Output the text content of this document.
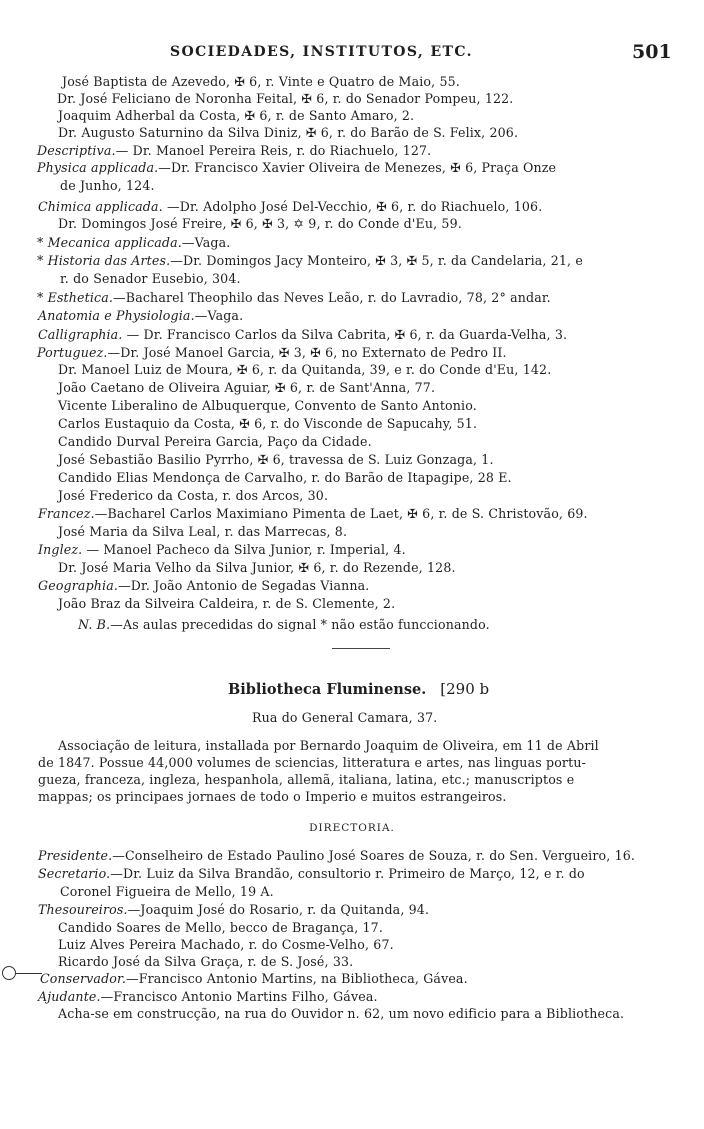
SOCIEDADES, INSTITUTOS, ETC.	501
José Baptista de Azevedo, ✠ 6, r. Vinte e Quatro de Maio, 55.
Dr. José Feliciano de Noronha Feital, ✠ 6, r. do Senador Pompeu, 122.
Joaquim Adherbal da Costa, ✠ 6, r. de Santo Amaro, 2.
Dr. Augusto Saturnino da Silva Diniz, ✠ 6, r. do Barão de S. Felix, 206.
Descriptiva.— Dr. Manoel Pereira Reis, r. do Riachuelo, 127.
Physica applicada.—Dr. Francisco Xavier Oliveira de Menezes, ✠ 6, Praça Onze
de Junho, 124.
Chimica applicada. —Dr. Adolpho José Del-Vecchio, ✠ 6, r. do Riachuelo, 106.
Dr. Domingos José Freire, ✠ 6, ✠ 3, ✡ 9, r. do Conde d'Eu, 59.
* Mecanica applicada.—Vaga.
* Historia das Artes.—Dr. Domingos Jacy Monteiro, ✠ 3, ✠ 5, r. da Candelaria, 21, e
r. do Senador Eusebio, 304.
* Esthetica.—Bacharel Theophilo das Neves Leão, r. do Lavradio, 78, 2° andar.
Anatomia e Physiologia.—Vaga.
Calligraphia. — Dr. Francisco Carlos da Silva Cabrita, ✠ 6, r. da Guarda-Velha, 3.
Portuguez.—Dr. José Manoel Garcia, ✠ 3, ✠ 6, no Externato de Pedro II.
Dr. Manoel Luiz de Moura, ✠ 6, r. da Quitanda, 39, e r. do Conde d'Eu, 142.
João Caetano de Oliveira Aguiar, ✠ 6, r. de Sant'Anna, 77.
Vicente Liberalino de Albuquerque, Convento de Santo Antonio.
Carlos Eustaquio da Costa, ✠ 6, r. do Visconde de Sapucahy, 51.
Candido Durval Pereira Garcia, Paço da Cidade.
José Sebastião Basilio Pyrrho, ✠ 6, travessa de S. Luiz Gonzaga, 1.
Candido Elias Mendonça de Carvalho, r. do Barão de Itapagipe, 28 E.
José Frederico da Costa, r. dos Arcos, 30.
Francez.—Bacharel Carlos Maximiano Pimenta de Laet, ✠ 6, r. de S. Christovão, 69.
José Maria da Silva Leal, r. das Marrecas, 8.
Inglez. — Manoel Pacheco da Silva Junior, r. Imperial, 4.
Dr. José Maria Velho da Silva Junior, ✠ 6, r. do Rezende, 128.
Geographia.—Dr. João Antonio de Segadas Vianna.
João Braz da Silveira Caldeira, r. de S. Clemente, 2.
N. B.—As aulas precedidas do signal * não estão funccionando.
Bibliotheca Fluminense. [290 b
Rua do General Camara, 37.
Associação de leitura, installada por Bernardo Joaquim de Oliveira, em 11 de Abril
de 1847. Possue 44,000 volumes de sciencias, litteratura e artes, nas linguas portu-
gueza, franceza, ingleza, hespanhola, allemã, italiana, latina, etc.; manuscriptos e
mappas; os principaes jornaes de todo o Imperio e muitos estrangeiros.
DIRECTORIA.
Presidente.—Conselheiro de Estado Paulino José Soares de Souza, r. do Sen. Vergueiro, 16.
Secretario.—Dr. Luiz da Silva Brandão, consultorio r. Primeiro de Março, 12, e r. do
Coronel Figueira de Mello, 19 A.
Thesoureiros.—Joaquim José do Rosario, r. da Quitanda, 94.
Candido Soares de Mello, becco de Bragança, 17.
Luiz Alves Pereira Machado, r. do Cosme-Velho, 67.
Ricardo José da Silva Graça, r. de S. José, 33.
Conservador.—Francisco Antonio Martins, na Bibliotheca, Gávea.
Ajudante.—Francisco Antonio Martins Filho, Gávea.
Acha-se em construcção, na rua do Ouvidor n. 62, um novo edificio para a Bibliotheca.
